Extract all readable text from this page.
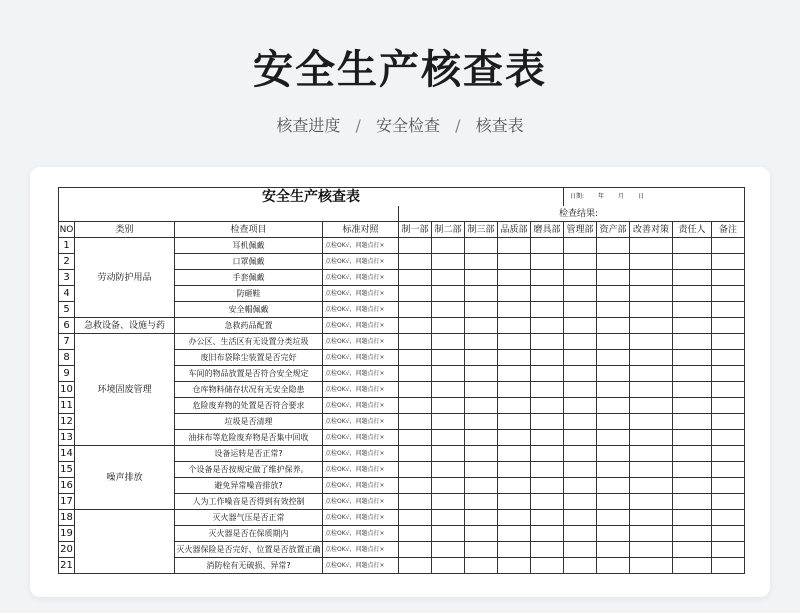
安全生产核查表
核查进度 / 安全检查 / 核查表
安全生产核查表									日期: 年 月 日				
				检查结果:									
NO	类别	检查项目	标准对照	制一部	制二部	制三部	品质部	磨具部	管理部	资产部	改善对策	责任人	备注
1	劳动防护用品	耳机佩戴	点检OK√，问题点打×										
2		口罩佩戴	点检OK√，问题点打×										
3		手套佩戴	点检OK√，问题点打×										
4		防砸鞋	点检OK√，问题点打×										
5		安全帽佩戴	点检OK√，问题点打×										
6	急救设备、设施与药	急救药品配置	点检OK√，问题点打×										
7	环境固废管理	办公区、生活区有无设置分类垃圾	点检OK√，问题点打×										
8		废旧布袋除尘装置是否完好	点检OK√，问题点打×										
9		车间的物品放置是否符合安全规定	点检OK√，问题点打×										
10		仓库物料储存状况有无安全隐患	点检OK√，问题点打×										
11		危险废弃物的处置是否符合要求	点检OK√，问题点打×										
12		垃圾是否清理	点检OK√，问题点打×										
13		油抹布等危险废弃物是否集中回收	点检OK√，问题点打×										
14	噪声排放	设备运转是否正常?	点检OK√，问题点打×										
15		个设备是否按规定做了维护保养。	点检OK√，问题点打×										
16		避免异常噪音排放?	点检OK√，问题点打×										
17		人为工作噪音是否得到有效控制	点检OK√，问题点打×										
18		灭火器气压是否正常	点检OK√，问题点打×										
19		灭火器是否在保质期内	点检OK√，问题点打×										
20		灭火器保险是否完好、位置是否放置正确	点检OK√，问题点打×										
21		消防栓有无破损、异常?	点检OK√，问题点打×										
